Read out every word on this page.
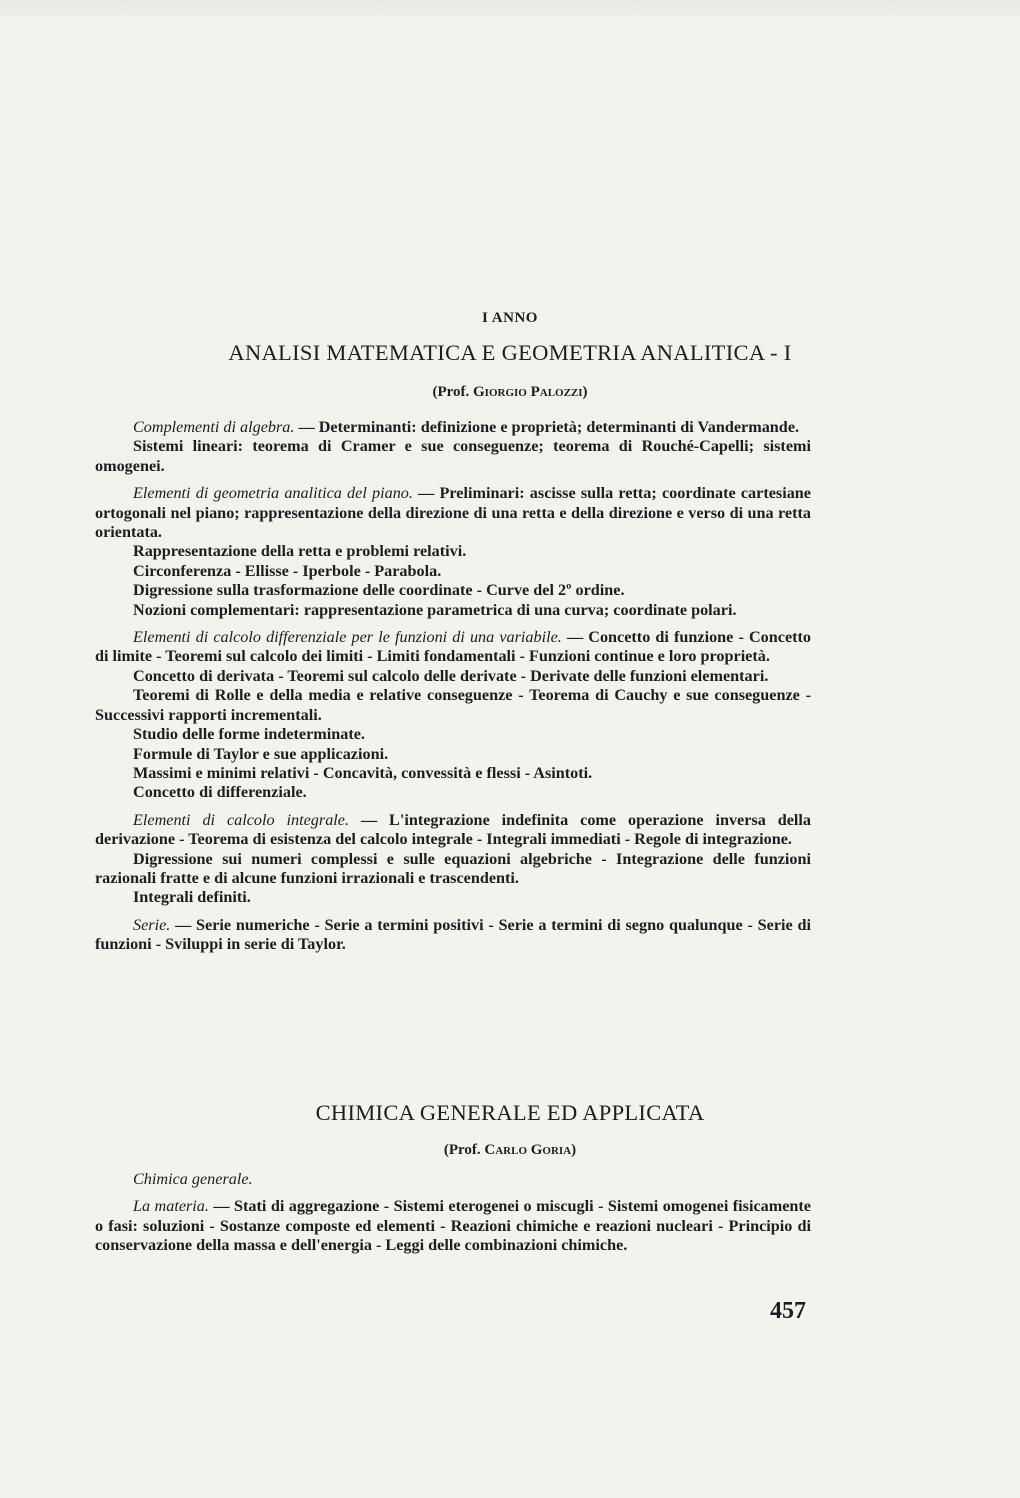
I ANNO
ANALISI MATEMATICA E GEOMETRIA ANALITICA - I
(Prof. Giorgio Palozzi)

Complementi di algebra. — Determinanti: definizione e proprietà; determinanti di Vandermande.

Sistemi lineari: teorema di Cramer e sue conseguenze; teorema di Rouché-Capelli; sistemi omogenei.

Elementi di geometria analitica del piano. — Preliminari: ascisse sulla retta; coordinate cartesiane ortogonali nel piano; rappresentazione della direzione di una retta e della direzione e verso di una retta orientata.

Rappresentazione della retta e problemi relativi.

Circonferenza - Ellisse - Iperbole - Parabola.

Digressione sulla trasformazione delle coordinate - Curve del 2º ordine.

Nozioni complementari: rappresentazione parametrica di una curva; coordinate polari.

Elementi di calcolo differenziale per le funzioni di una variabile. — Concetto di funzione - Concetto di limite - Teoremi sul calcolo dei limiti - Limiti fondamentali - Funzioni continue e loro proprietà.

Concetto di derivata - Teoremi sul calcolo delle derivate - Derivate delle funzioni elementari.

Teoremi di Rolle e della media e relative conseguenze - Teorema di Cauchy e sue conseguenze - Successivi rapporti incrementali.

Studio delle forme indeterminate.

Formule di Taylor e sue applicazioni.

Massimi e minimi relativi - Concavità, convessità e flessi - Asintoti.

Concetto di differenziale.

Elementi di calcolo integrale. — L'integrazione indefinita come operazione inversa della derivazione - Teorema di esistenza del calcolo integrale - Integrali immediati - Regole di integrazione.

Digressione sui numeri complessi e sulle equazioni algebriche - Integrazione delle funzioni razionali fratte e di alcune funzioni irrazionali e trascendenti.

Integrali definiti.

Serie. — Serie numeriche - Serie a termini positivi - Serie a termini di segno qualunque - Serie di funzioni - Sviluppi in serie di Taylor.

CHIMICA GENERALE ED APPLICATA
(Prof. Carlo Goria)

Chimica generale.

La materia. — Stati di aggregazione - Sistemi eterogenei o miscugli - Sistemi omogenei fisicamente o fasi: soluzioni - Sostanze composte ed elementi - Reazioni chimiche e reazioni nucleari - Principio di conservazione della massa e dell'energia - Leggi delle combinazioni chimiche.

457
